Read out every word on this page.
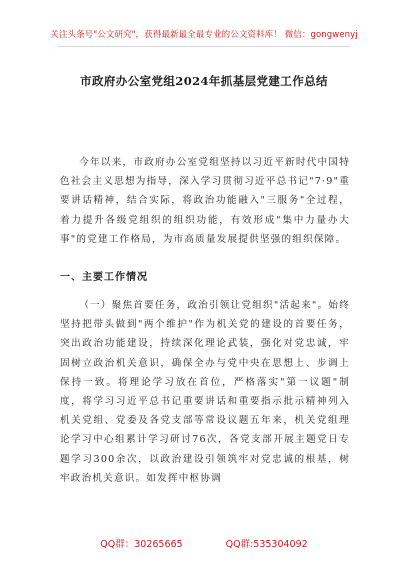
关注头条号"公文研究"，获得最新最全最专业的公文资料库！ 微信：gongwenyj
市政府办公室党组2024年抓基层党建工作总结

今年以来，市政府办公室党组坚持以习近平新时代中国特色社会主义思想为指导，深入学习贯彻习近平总书记"7·9"重要讲话精神，结合实际，将政治功能融入"三服务"全过程，着力提升各级党组织的组织功能，有效形成"集中力量办大事"的党建工作格局，为市高质量发展提供坚强的组织保障。

一、主要工作情况

（一）聚焦首要任务，政治引领让党组织"活起来"。始终坚持把带头做到"两个维护"作为机关党的建设的首要任务，突出政治功能建设，持续深化理论武装，强化对党忠诚，牢固树立政治机关意识，确保全办与党中央在思想上、步调上保持一致。将理论学习放在首位，严格落实"第一议题"制度，将学习习近平总书记重要讲话和重要指示批示精神列入机关党组、党委及各党支部等常设议题五年来，机关党组理论学习中心组累计学习研讨76次，各党支部开展主题党日专题学习300余次，以政治建设引领筑牢对党忠诚的根基，树牢政治机关意识。如发挥中枢协调

QQ群：30265665	QQ群:535304092
